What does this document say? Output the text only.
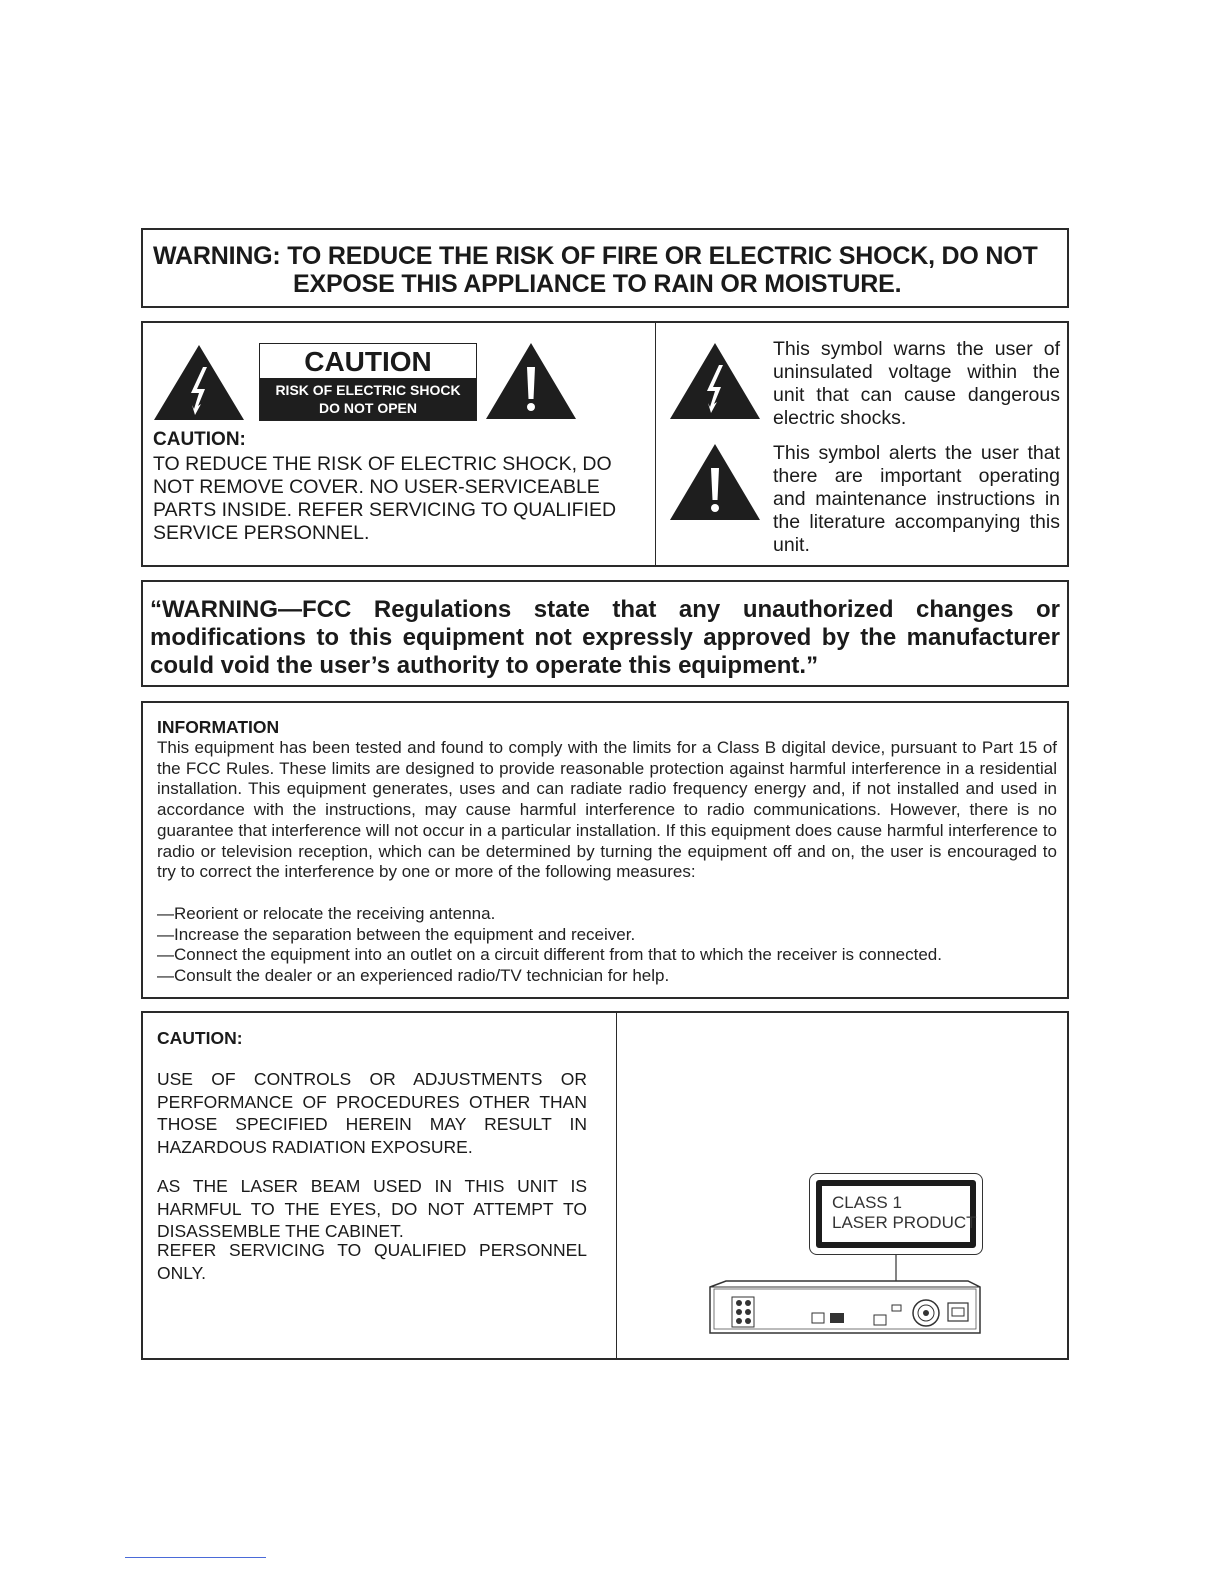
WARNING: TO REDUCE THE RISK OF FIRE OR ELECTRIC SHOCK, DO NOT
EXPOSE THIS APPLIANCE TO RAIN OR MOISTURE.
CAUTION
RISK OF ELECTRIC SHOCK
DO NOT OPEN
CAUTION:
TO REDUCE THE RISK OF ELECTRIC SHOCK, DO NOT REMOVE COVER. NO USER-SERVICEABLE PARTS INSIDE. REFER SERVICING TO QUALIFIED SERVICE PERSONNEL.
This symbol warns the user of uninsulated voltage within the unit that can cause dangerous electric shocks.
This symbol alerts the user that there are important operating and maintenance instructions in the literature accompanying this unit.
“WARNING—FCC Regulations state that any unauthorized changes or modifications to this equipment not expressly approved by the manufacturer could void the user’s authority to operate this equipment.”
INFORMATION
This equipment has been tested and found to comply with the limits for a Class B digital device, pursuant to Part 15 of the FCC Rules. These limits are designed to provide reasonable protection against harmful interference in a residential installation. This equipment generates, uses and can radiate radio frequency energy and, if not installed and used in accordance with the instructions, may cause harmful interference to radio communications. However, there is no guarantee that interference will not occur in a particular installation. If this equipment does cause harmful interference to radio or television reception, which can be determined by turning the equipment off and on, the user is encouraged to try to correct the interference by one or more of the following measures:
—Reorient or relocate the receiving antenna.
—Increase the separation between the equipment and receiver.
—Connect the equipment into an outlet on a circuit different from that to which the receiver is connected.
—Consult the dealer or an experienced radio/TV technician for help.
CAUTION:
USE OF CONTROLS OR ADJUSTMENTS OR PERFORMANCE OF PROCEDURES OTHER THAN THOSE SPECIFIED HEREIN MAY RESULT IN HAZARDOUS RADIATION EXPOSURE.
AS THE LASER BEAM USED IN THIS UNIT IS HARMFUL TO THE EYES, DO NOT ATTEMPT TO DISASSEMBLE THE CABINET.
REFER SERVICING TO QUALIFIED PERSONNEL ONLY.
CLASS 1
LASER PRODUCT
